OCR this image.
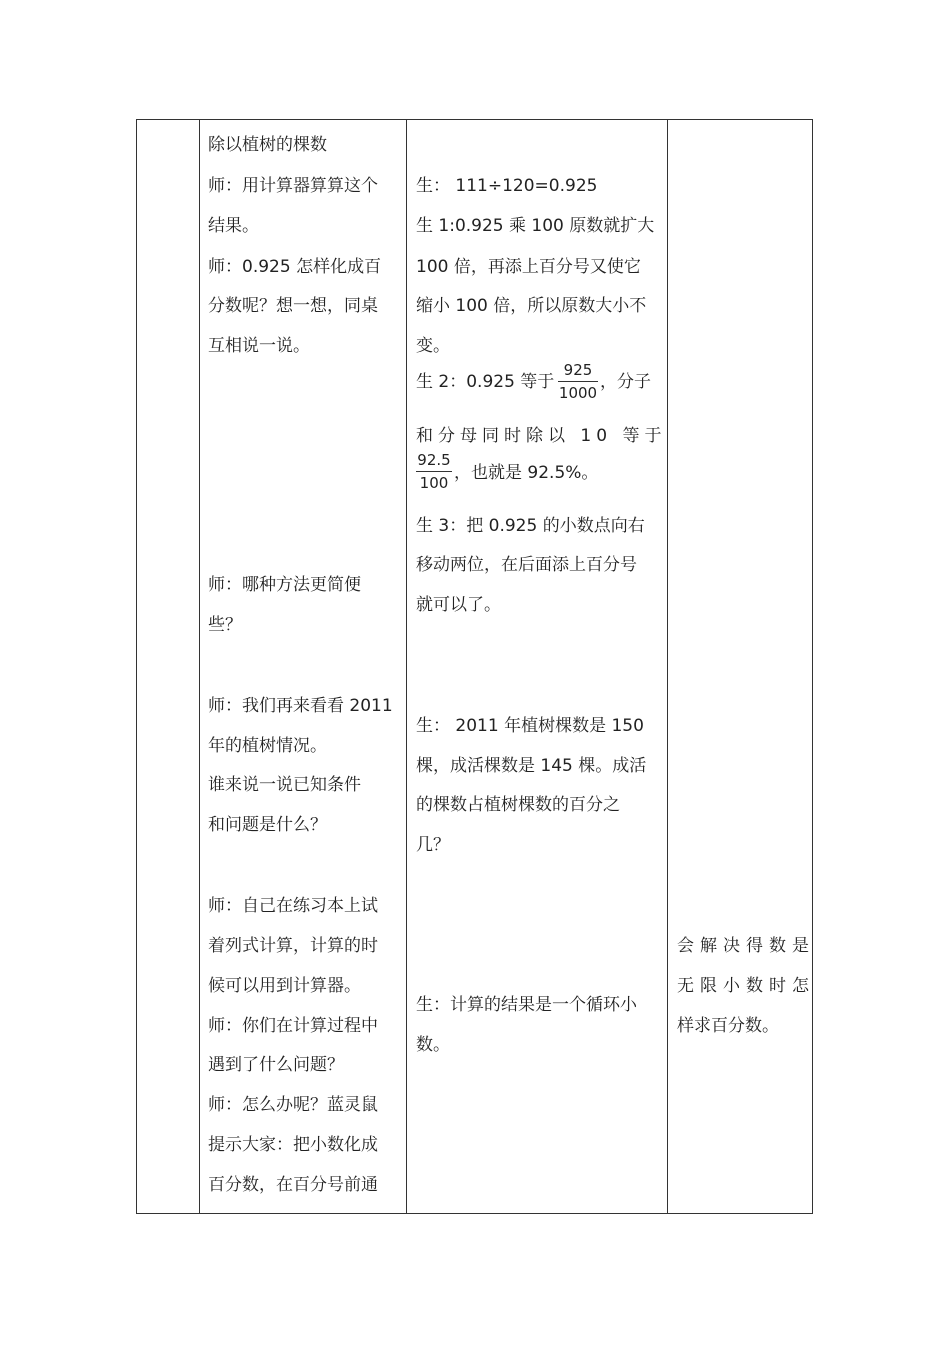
除以植树的棵数
师：用计算器算算这个
结果。
师：0.925 怎样化成百
分数呢？想一想，同桌
互相说一说。
师：哪种方法更简便
些？
师：我们再来看看 2011
年的植树情况。
谁来说一说已知条件
和问题是什么？
师：自己在练习本上试
着列式计算，计算的时
候可以用到计算器。
师：你们在计算过程中
遇到了什么问题？
师：怎么办呢？蓝灵鼠
提示大家：把小数化成
百分数，在百分号前通
生： 111÷120=0.925
生 1:0.925 乘 100 原数就扩大
100 倍，再添上百分号又使它
缩小 100 倍，所以原数大小不
变。
生 2：0.925 等于
925
1000
，分子
和分母同时除以 10 等于
92.5
100 ，也就是 92.5%。
生 3：把 0.925 的小数点向右
移动两位，在后面添上百分号
就可以了。
生： 2011 年植树棵数是 150
棵，成活棵数是 145 棵。成活
的棵数占植树棵数的百分之
几？
生：计算的结果是一个循环小
数。
会解决得数是
无限小数时怎
样求百分数。
